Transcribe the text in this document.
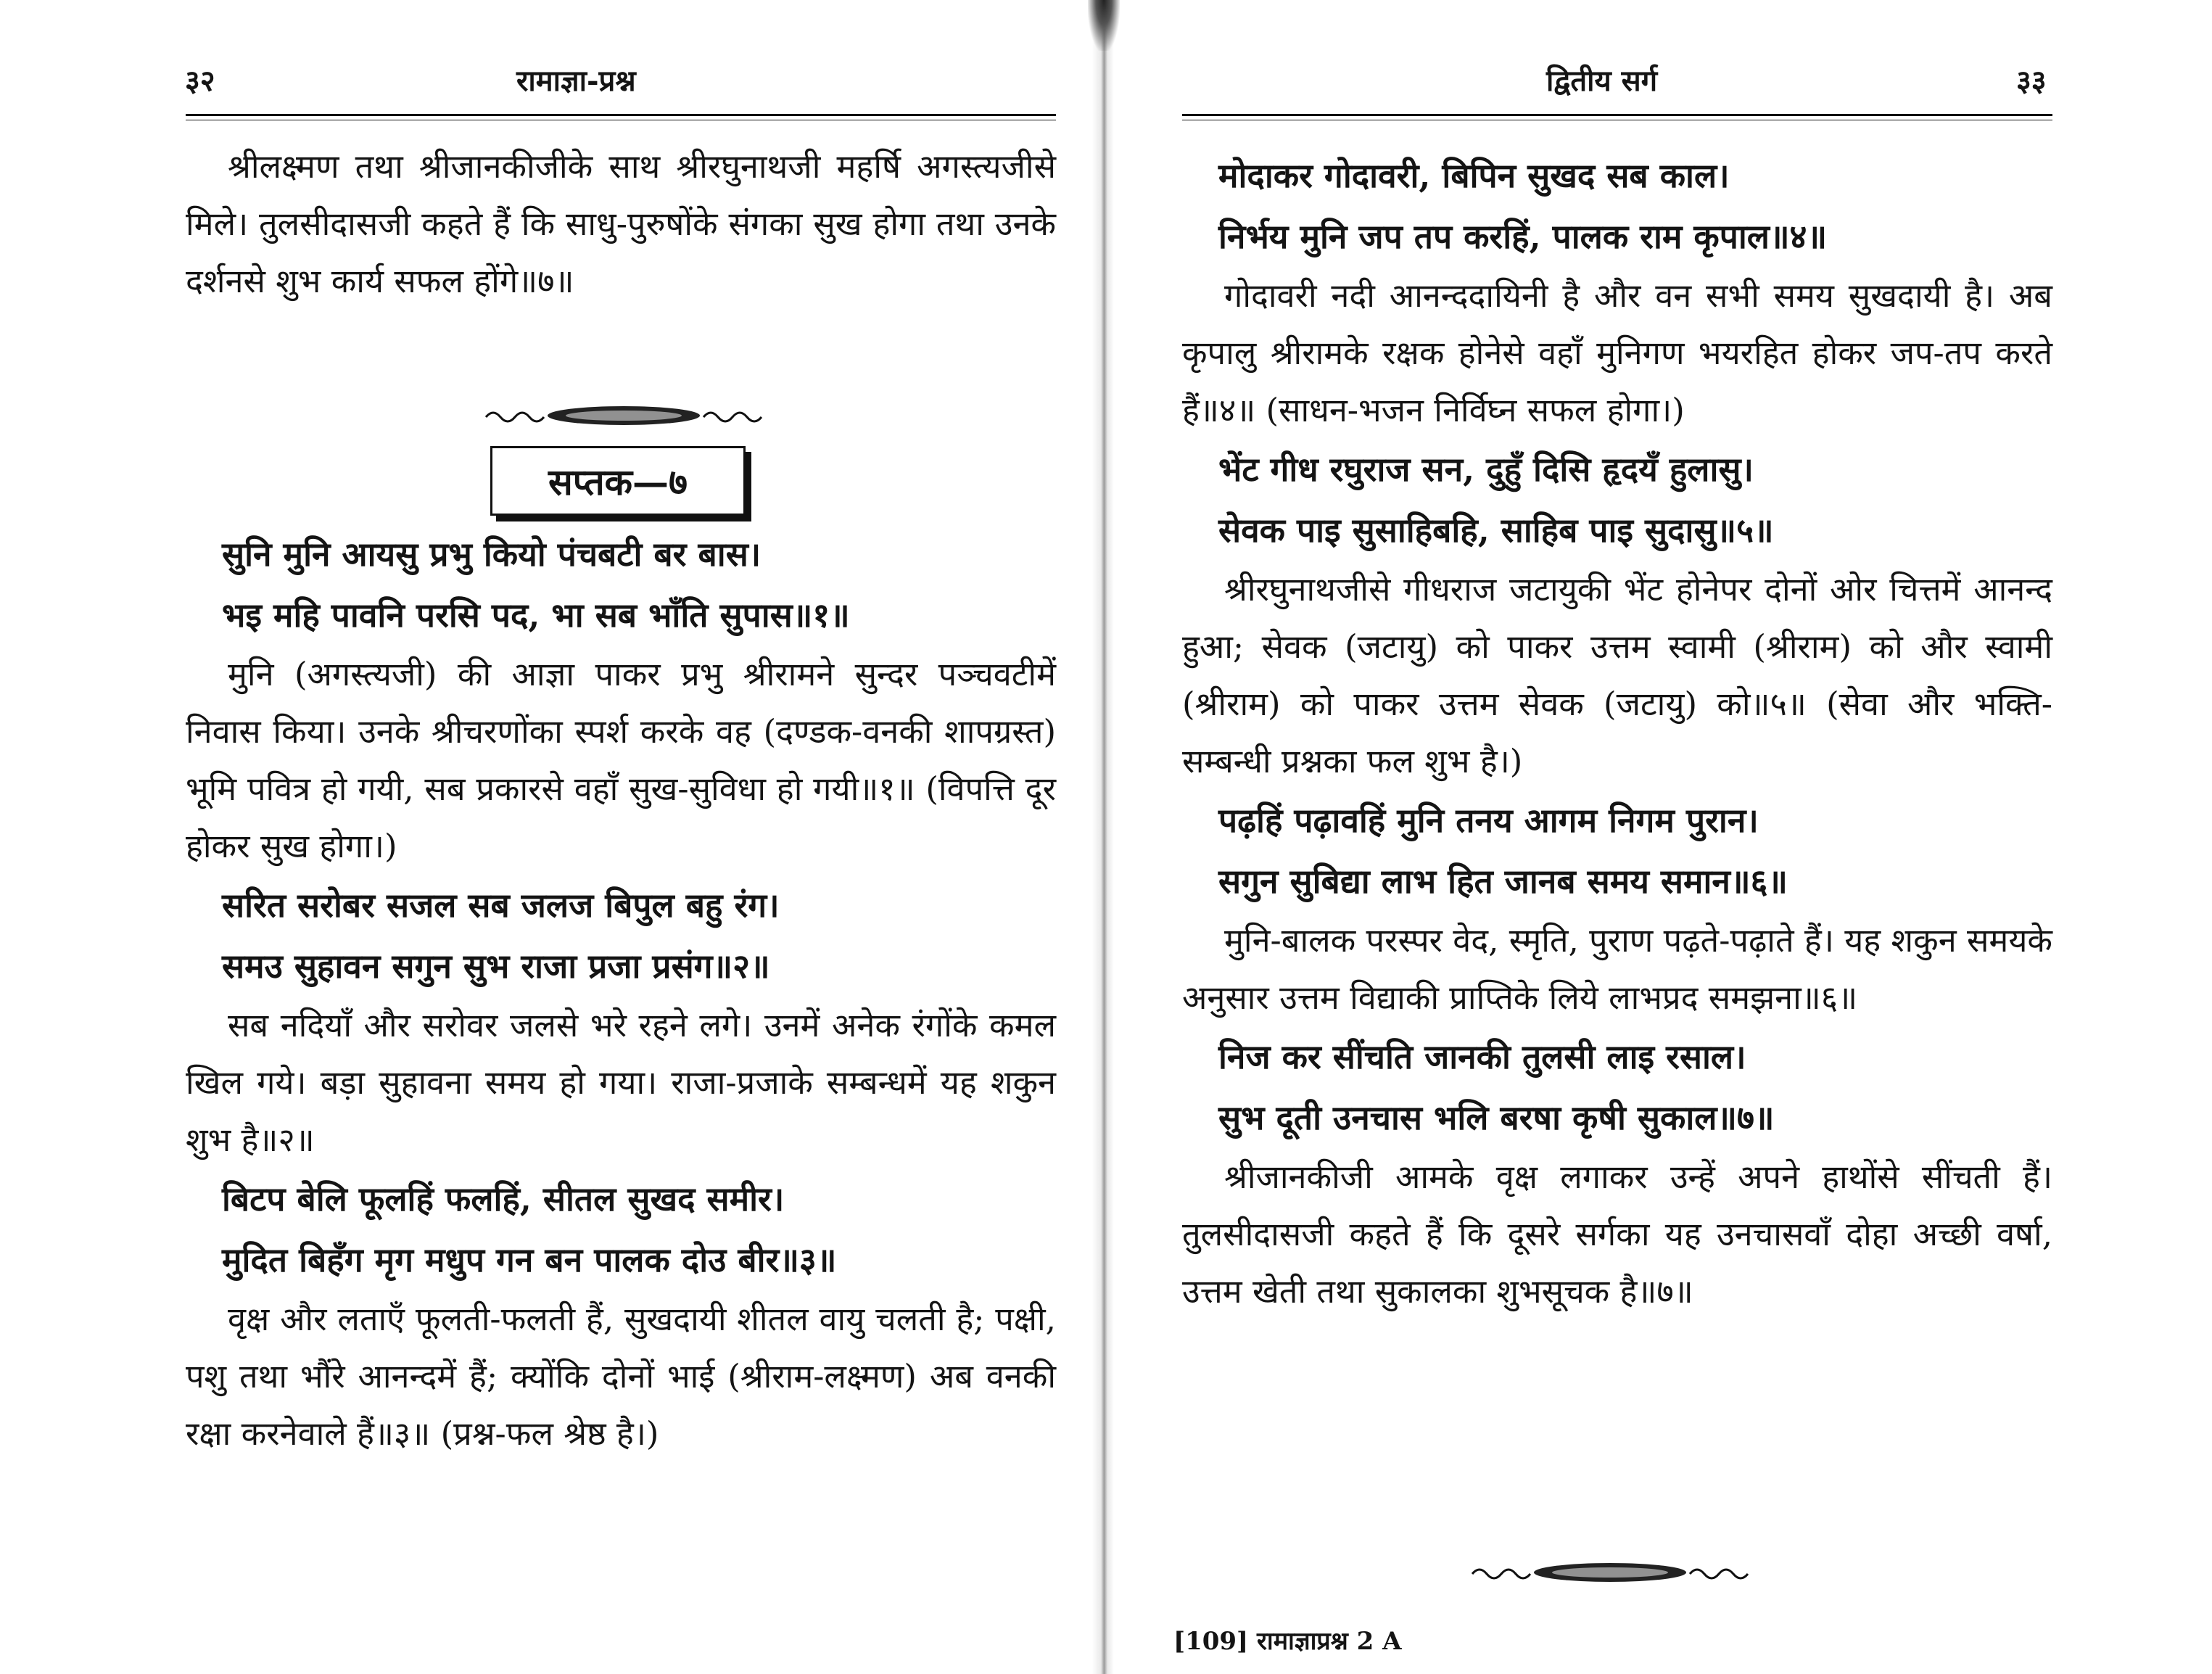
३२	रामाज्ञा-प्रश्न

श्रीलक्ष्मण तथा श्रीजानकीजीके साथ श्रीरघुनाथजी महर्षि अगस्त्यजीसे मिले। तुलसीदासजी कहते हैं कि साधु-पुरुषोंके संगका सुख होगा तथा उनके दर्शनसे शुभ कार्य सफल होंगे॥७॥

सप्तक—७
सुनि मुनि आयसु प्रभु कियो पंचबटी बर बास।
भइ महि पावनि परसि पद, भा सब भाँति सुपास॥१॥

मुनि (अगस्त्यजी) की आज्ञा पाकर प्रभु श्रीरामने सुन्दर पञ्चवटीमें निवास किया। उनके श्रीचरणोंका स्पर्श करके वह (दण्डक-वनकी शापग्रस्त) भूमि पवित्र हो गयी, सब प्रकारसे वहाँ सुख-सुविधा हो गयी॥१॥ (विपत्ति दूर होकर सुख होगा।)

सरित सरोबर सजल सब जलज बिपुल बहु रंग।
समउ सुहावन सगुन सुभ राजा प्रजा प्रसंग॥२॥

सब नदियाँ और सरोवर जलसे भरे रहने लगे। उनमें अनेक रंगोंके कमल खिल गये। बड़ा सुहावना समय हो गया। राजा-प्रजाके सम्बन्धमें यह शकुन शुभ है॥२॥

बिटप बेलि फूलहिं फलहिं, सीतल सुखद समीर।
मुदित बिहँग मृग मधुप गन बन पालक दोउ बीर॥३॥

वृक्ष और लताएँ फूलती-फलती हैं, सुखदायी शीतल वायु चलती है; पक्षी, पशु तथा भौंरे आनन्दमें हैं; क्योंकि दोनों भाई (श्रीराम-लक्ष्मण) अब वनकी रक्षा करनेवाले हैं॥३॥ (प्रश्न-फल श्रेष्ठ है।)

द्वितीय सर्ग	३३
मोदाकर गोदावरी, बिपिन सुखद सब काल।
निर्भय मुनि जप तप करहिं, पालक राम कृपाल॥४॥

गोदावरी नदी आनन्ददायिनी है और वन सभी समय सुखदायी है। अब कृपालु श्रीरामके रक्षक होनेसे वहाँ मुनिगण भयरहित होकर जप-तप करते हैं॥४॥ (साधन-भजन निर्विघ्न सफल होगा।)

भेंट गीध रघुराज सन, दुहुँ दिसि हृदयँ हुलासु।
सेवक पाइ सुसाहिबहि, साहिब पाइ सुदासु॥५॥

श्रीरघुनाथजीसे गीधराज जटायुकी भेंट होनेपर दोनों ओर चित्तमें आनन्द हुआ; सेवक (जटायु) को पाकर उत्तम स्वामी (श्रीराम) को और स्वामी (श्रीराम) को पाकर उत्तम सेवक (जटायु) को॥५॥ (सेवा और भक्ति-सम्बन्धी प्रश्नका फल शुभ है।)

पढ़हिं पढ़ावहिं मुनि तनय आगम निगम पुरान।
सगुन सुबिद्या लाभ हित जानब समय समान॥६॥

मुनि-बालक परस्पर वेद, स्मृति, पुराण पढ़ते-पढ़ाते हैं। यह शकुन समयके अनुसार उत्तम विद्याकी प्राप्तिके लिये लाभप्रद समझना॥६॥

निज कर सींचति जानकी तुलसी लाइ रसाल।
सुभ दूती उनचास भलि बरषा कृषी सुकाल॥७॥

श्रीजानकीजी आमके वृक्ष लगाकर उन्हें अपने हाथोंसे सींचती हैं। तुलसीदासजी कहते हैं कि दूसरे सर्गका यह उनचासवाँ दोहा अच्छी वर्षा, उत्तम खेती तथा सुकालका शुभसूचक है॥७॥

[109] रामाज्ञाप्रश्न 2 A
